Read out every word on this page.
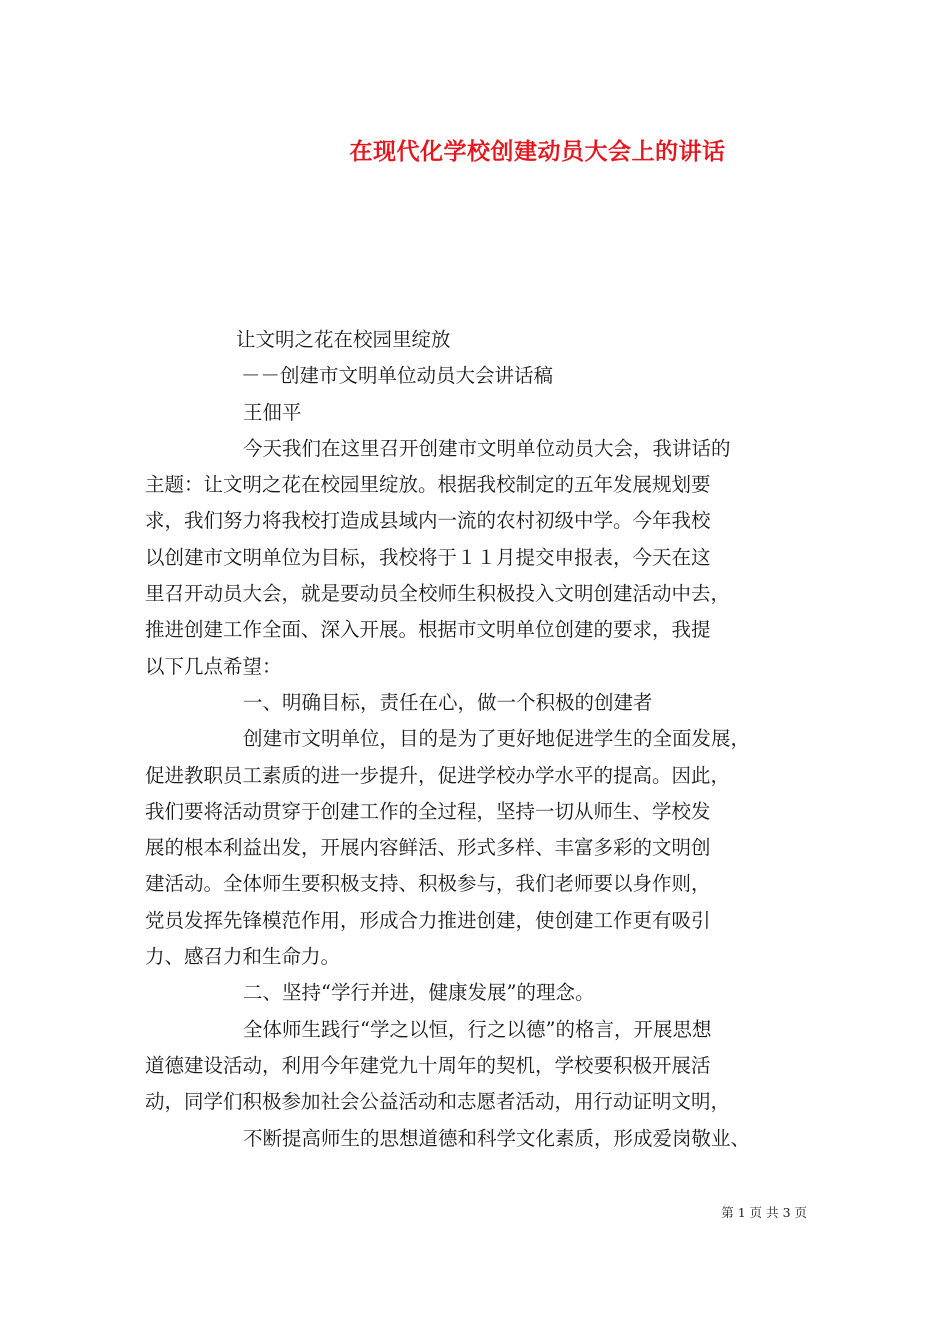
在现代化学校创建动员大会上的讲话
让文明之花在校园里绽放
－－创建市文明单位动员大会讲话稿
王佃平
今天我们在这里召开创建市文明单位动员大会，我讲话的
主题：让文明之花在校园里绽放。根据我校制定的五年发展规划要
求，我们努力将我校打造成县域内一流的农村初级中学。今年我校
以创建市文明单位为目标，我校将于１１月提交申报表，今天在这
里召开动员大会，就是要动员全校师生积极投入文明创建活动中去，
推进创建工作全面、深入开展。根据市文明单位创建的要求，我提
以下几点希望：
一、明确目标，责任在心，做一个积极的创建者
创建市文明单位，目的是为了更好地促进学生的全面发展，
促进教职员工素质的进一步提升，促进学校办学水平的提高。因此，
我们要将活动贯穿于创建工作的全过程，坚持一切从师生、学校发
展的根本利益出发，开展内容鲜活、形式多样、丰富多彩的文明创
建活动。全体师生要积极支持、积极参与，我们老师要以身作则，
党员发挥先锋模范作用，形成合力推进创建，使创建工作更有吸引
力、感召力和生命力。
二、坚持“学行并进，健康发展”的理念。
全体师生践行“学之以恒，行之以德”的格言，开展思想
道德建设活动，利用今年建党九十周年的契机，学校要积极开展活
动，同学们积极参加社会公益活动和志愿者活动，用行动证明文明，
不断提高师生的思想道德和科学文化素质，形成爱岗敬业、
第 1 页 共 3 页
